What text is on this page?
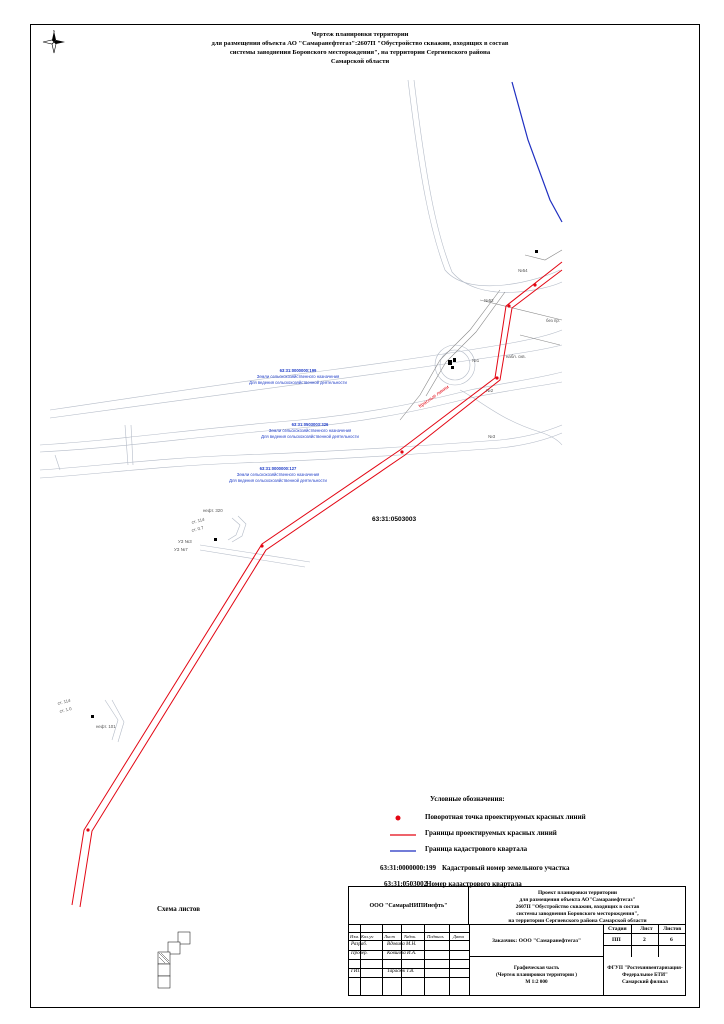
N	Чертеж планировки территории
для размещения объекта АО "Самаранефтегаз":2607П "Обустройство скважин, входящих в состав
системы заводнения Боровского месторождения", на территории Сергиевского района
Самарской области
Красные линии
63:31:0000000:199
Земли сельскохозяйственного назначения
Для ведения сельскохозяйственной деятельности
63:31:0503003:326
Земли сельскохозяйственного назначения
Для ведения сельскохозяйственной деятельности
63:31:0000000:127
Земли сельскохозяйственного назначения
Для ведения сельскохозяйственной деятельности
63:31:0503003
нефт. 320
ст. 114
ст. 0.7
УЗ №3
УЗ №7
ст. 114
ст. 1.0
нефт. 101
№52
№54
№1
№2
№3
набл. скв.
без пр.
Схема листов
Условные обозначения:
Поворотная точка проектируемых красных линий
Границы проектируемых красных линий
Граница кадастрового квартала
63:31:0000000:199 Кадастровый номер земельного участка
63:31:0503002
Номер кадастрового квартала
ООО "СамараНИПИнефть"
Проект планировки территории
для размещения объекта АО"Самаранефтегаз"
2607П "Обустройство скважин, входящих в состав
системы заводнения Боровского месторождения",
на территории Сергиевского района Самарской области
Изм. Кол.уч Лист №док. Подпись Дата
Разраб.	Вдовина М.Н.
Провер.	Ковшова И.А.
ГИП	Тарасюк Т.В.
Заказчик: ООО "Самаранефтегаз"
Стадия Лист Листов
ПП	2	6
Графическая часть
(Чертеж планировки территории )
М 1:2 000
ФГУП "Ростехинвентаризация-
Федеральное БТИ"
Самарский филиал
